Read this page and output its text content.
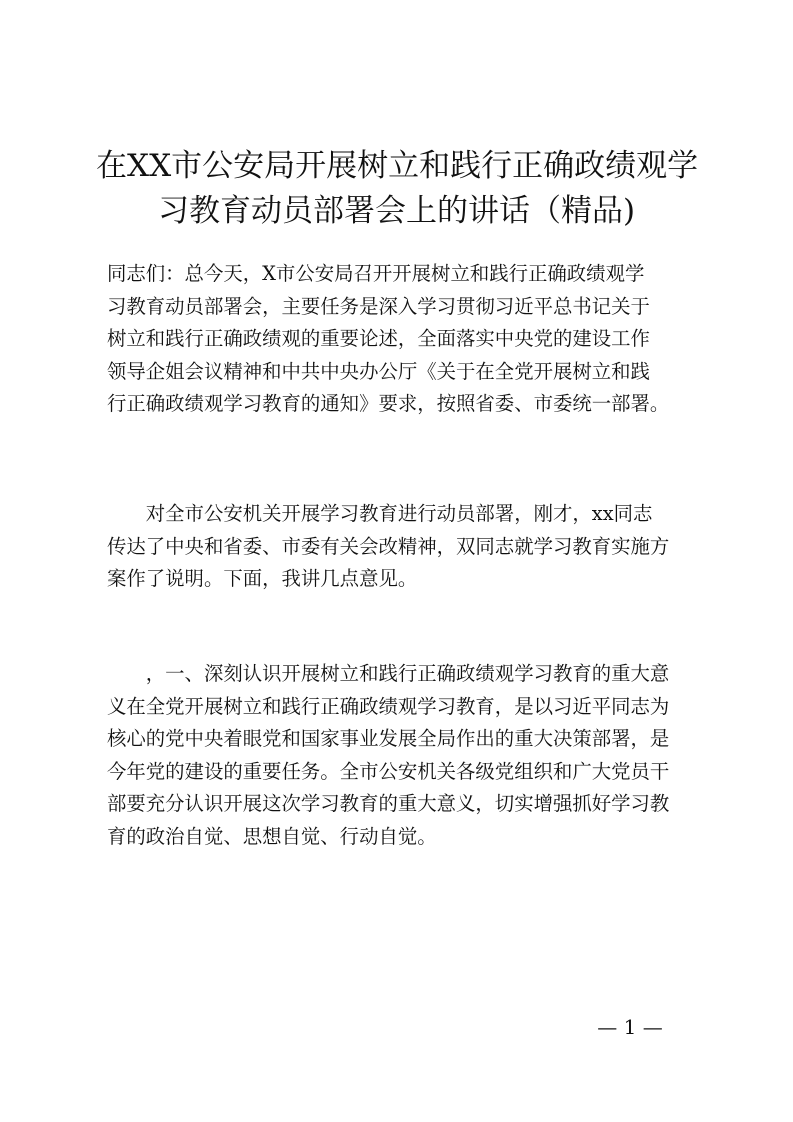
在XX市公安局开展树立和践行正确政绩观学
习教育动员部署会上的讲话（精品)

同志们：总今天，X市公安局召开开展树立和践行正确政绩观学
习教育动员部署会，主要任务是深入学习贯彻习近平总书记关于
树立和践行正确政绩观的重要论述，全面落实中央党的建设工作
领导企姐会议精神和中共中央办公厅《关于在全党开展树立和践
行正确政绩观学习教育的通知》要求，按照省委、市委统一部署。

　　对全市公安机关开展学习教育进行动员部署，刚才，xx同志
传达了中央和省委、市委有关会改精神，双同志就学习教育实施方
案作了说明。下面，我讲几点意见。

　　，一、深刻认识开展树立和践行正确政绩观学习教育的重大意
义在全党开展树立和践行正确政绩观学习教育，是以习近平同志为
核心的党中央着眼党和国家事业发展全局作出的重大决策部署，是
今年党的建设的重要任务。全市公安机关各级党组织和广大党员干
部要充分认识开展这次学习教育的重大意义，切实增强抓好学习教
育的政治自觉、思想自觉、行动自觉。

— 1 —
